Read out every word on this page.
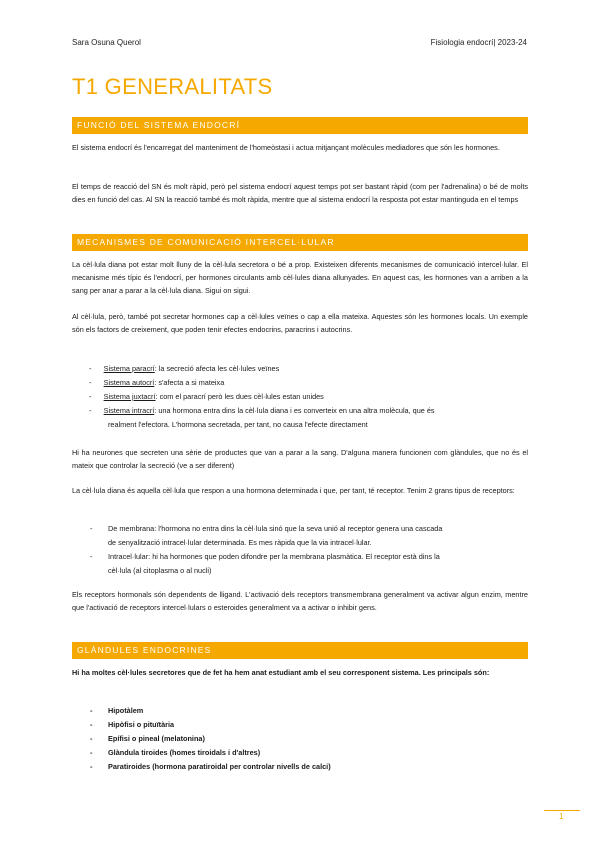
Sara Osuna Querol	Fisiologia endocrí| 2023-24
T1 GENERALITATS
FUNCIÓ DEL SISTEMA ENDOCRÍ

El sistema endocrí és l'encarregat del manteniment de l'homeòstasi i actua mitjançant molècules mediadores que són les hormones.

El temps de reacció del SN és molt ràpid, però pel sistema endocrí aquest temps pot ser bastant ràpid (com per l'adrenalina) o bé de molts dies en funció del cas. Al SN la reacció també és molt ràpida, mentre que al sistema endocrí la resposta pot estar mantinguda en el temps

MECANISMES DE COMUNICACIÓ INTERCEL·LULAR

La cèl·lula diana pot estar molt lluny de la cèl·lula secretora o bé a prop. Existeixen diferents mecanismes de comunicació intercel·lular. El mecanisme més típic és l'endocrí, per hormones circulants amb cèl·lules diana allunyades. En aquest cas, les hormones van a arriben a la sang per anar a parar a la cèl·lula diana. Sigui on sigui.

Al cèl·lula, però, també pot secretar hormones cap a cèl·lules veïnes o cap a ella mateixa. Aquestes són les hormones locals. Un exemple són els factors de creixement, que poden tenir efectes endocrins, paracrins i autocrins.

-      Sistema paracrí: la secreció afecta les cèl·lules veïnes
-      Sistema autocrí: s'afecta a si mateixa
-      Sistema juxtacrí: com el paracrí però les dues cèl·lules estan unides
-      Sistema intracrí: una hormona entra dins la cèl·lula diana i es converteix en una altra molècula, que és
realment l'efectora. L'hormona secretada, per tant, no causa l'efecte directament

Hi ha neurones que secreten una sèrie de productes que van a parar a la sang. D'alguna manera funcionen com glàndules, que no és el mateix que controlar la secreció (ve a ser diferent)

La cèl·lula diana és aquella cèl·lula que respon a una hormona determinada i que, per tant, té receptor. Tenim 2 grans tipus de receptors:

- De membrana: l'hormona no entra dins la cèl·lula sinó que la seva unió al receptor genera una cascada
de senyalització intracel·lular determinada. Es mes ràpida que la via intracel·lular.
- Intracel·lular: hi ha hormones que poden difondre per la membrana plasmàtica. El receptor està dins la
cèl·lula (al citoplasma o al nucli)

Els receptors hormonals són dependents de lligand. L'activació dels receptors transmembrana generalment va activar algun enzim, mentre que l'activació de receptors intercel·lulars o esteroides generalment va a activar o inhibir gens.

GLÀNDULES ENDOCRINES

Hi ha moltes cèl·lules secretores que de fet ha hem anat estudiant amb el seu corresponent sistema. Les principals són:

- Hipotàlem
- Hipòfisi o pituïtària
- Epífisi o pineal (melatonina)
- Glàndula tiroides (homes tiroidals i d'altres)
- Paratiroides (hormona paratiroidal per controlar nivells de calci)
1
